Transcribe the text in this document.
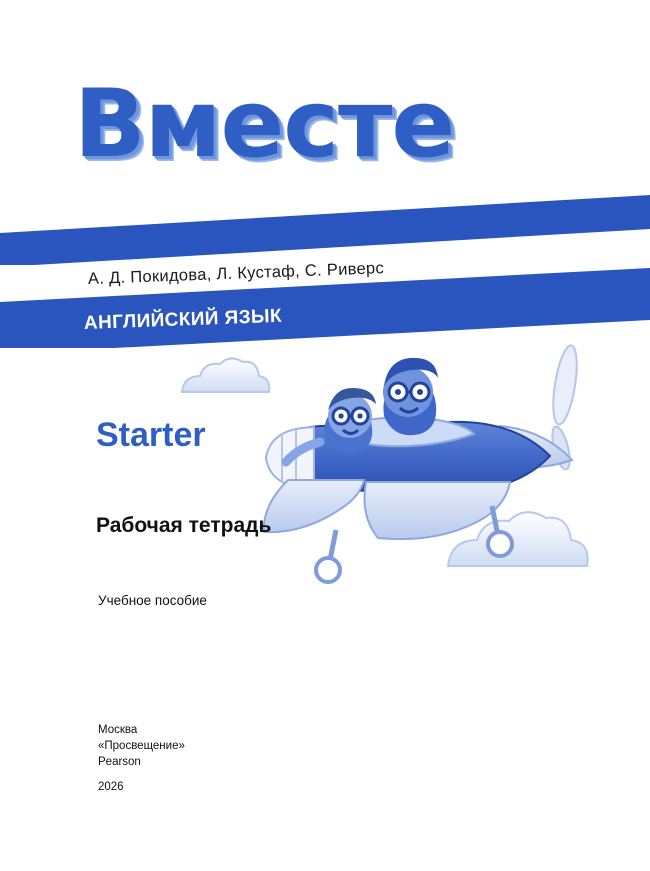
Вместе
А. Д. Покидова, Л. Кустаф, С. Риверс
АНГЛИЙСКИЙ ЯЗЫК
Starter
Рабочая тетрадь
Учебное пособие
Москва
«Просвещение»
Pearson
2026
